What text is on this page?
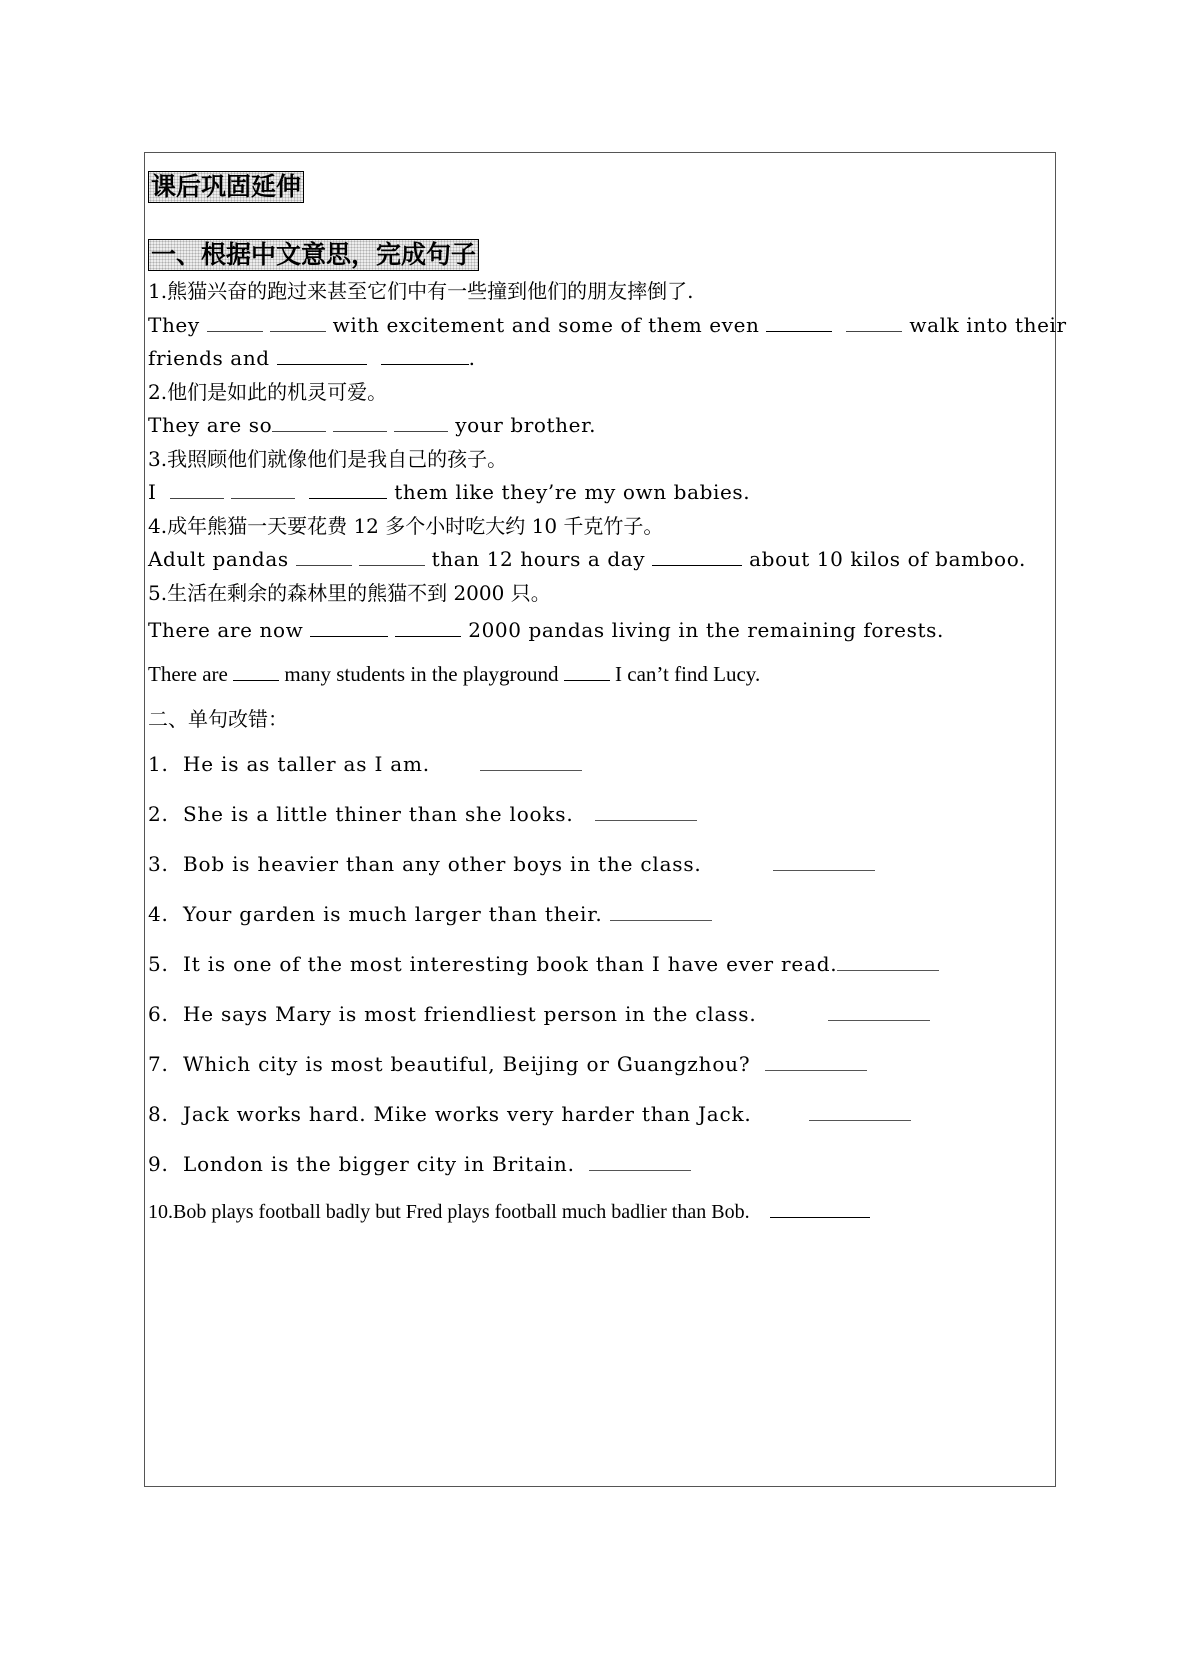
课后巩固延伸
一、根据中文意思，完成句子
1.熊猫兴奋的跑过来甚至它们中有一些撞到他们的朋友摔倒了.
They	with excitement and some of them even	walk into their
friends and	.
2.他们是如此的机灵可爱。
They are so	your brother.
3.我照顾他们就像他们是我自己的孩子。
I	them like they’re my own babies.
4.成年熊猫一天要花费 12 多个小时吃大约 10 千克竹子。
Adult pandas	than 12 hours a day	about 10 kilos of bamboo.
5.生活在剩余的森林里的熊猫不到 2000 只。
There are now	2000 pandas living in the remaining forests.
There are	many students in the playground	I can’t find Lucy.
二、单句改错：
1.  He is as taller as I am.
2.  She is a little thiner than she looks.
3.  Bob is heavier than any other boys in the class.
4.  Your garden is much larger than their.
5.  It is one of the most interesting book than I have ever read.
6.  He says Mary is most friendliest person in the class.
7.  Which city is most beautiful, Beijing or Guangzhou?
8.  Jack works hard. Mike works very harder than Jack.
9.  London is the bigger city in Britain.
10.Bob plays football badly but Fred plays football much badlier than Bob.
